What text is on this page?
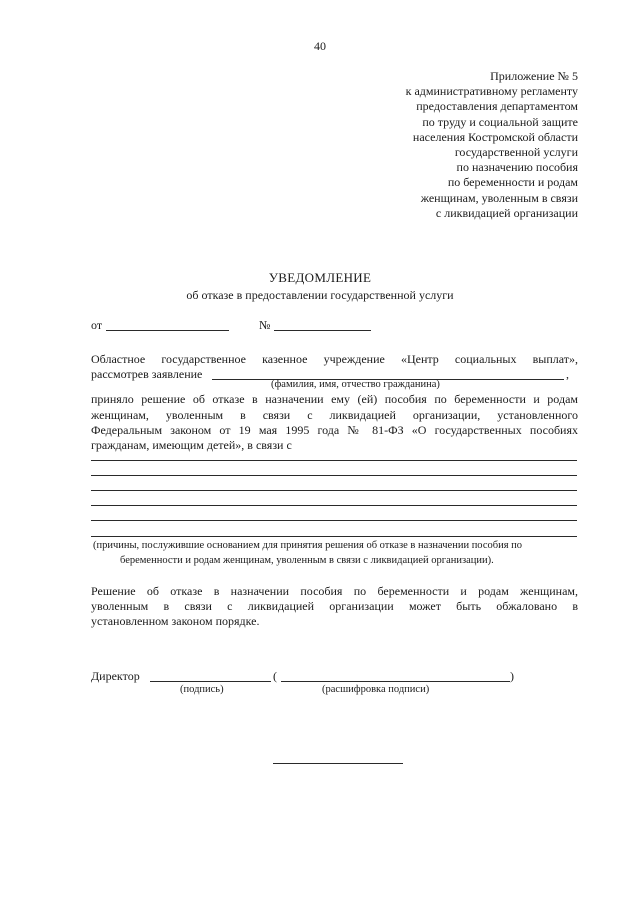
40
Приложение № 5
к административному регламенту
предоставления департаментом
по труду и социальной защите
населения Костромской области
государственной услуги
по назначению пособия
по беременности и родам
женщинам, уволенным в связи
с ликвидацией организации
УВЕДОМЛЕНИЕ
об отказе в предоставлении государственной услуги
от	№
Областное государственное казенное учреждение «Центр социальных выплат»,
рассмотрев заявление	,
(фамилия, имя, отчество гражданина)
приняло решение об отказе в назначении ему (ей) пособия по беременности и родам
женщинам, уволенным в связи с ликвидацией организации, установленного
Федеральным законом от 19 мая 1995 года № 81-ФЗ «О государственных пособиях
гражданам, имеющим детей», в связи с
(причины, послужившие основанием для принятия решения об отказе в назначении пособия по
беременности и родам женщинам, уволенным в связи с ликвидацией организации).
Решение об отказе в назначении пособия по беременности и родам женщинам,
уволенным в связи с ликвидацией организации может быть обжаловано в
установленном законом порядке.
Директор	(	)
(подпись)	(расшифровка подписи)
